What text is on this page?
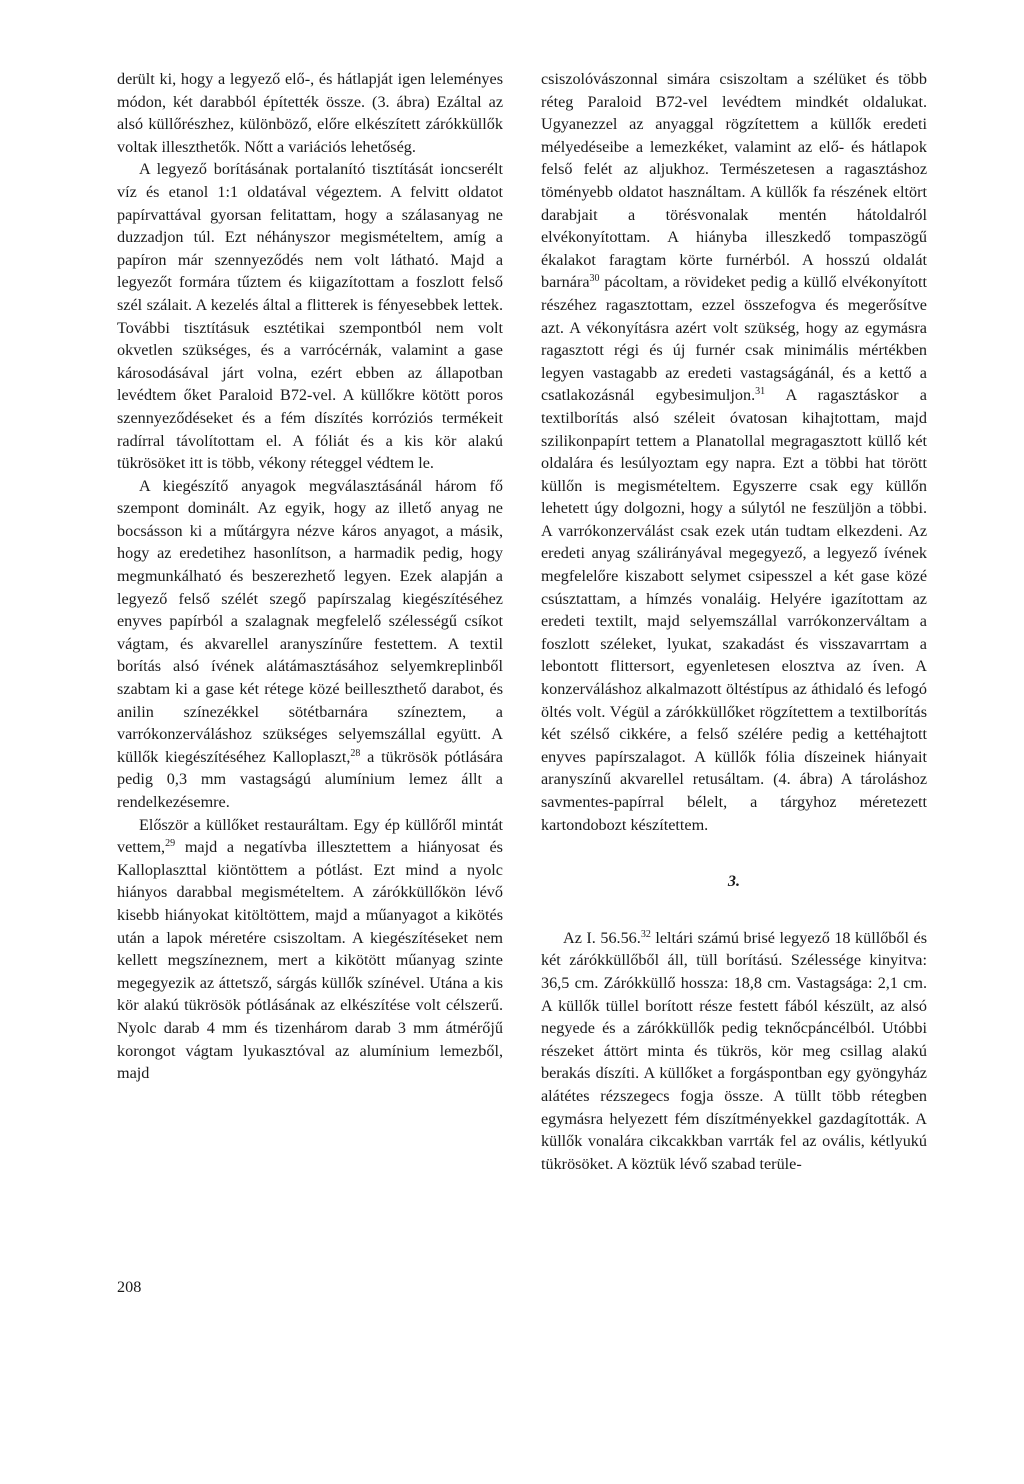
derült ki, hogy a legyező elő-, és hátlapját igen leleményes módon, két darabból építették össze. (3. ábra) Ezáltal az alsó küllőrészhez, különböző, előre elkészített zárókküllők voltak illeszthetők. Nőtt a variációs lehetőség.

A legyező borításának portalanító tisztítását ioncserélt víz és etanol 1:1 oldatával végeztem. A felvitt oldatot papírvattával gyorsan felitattam, hogy a szálasanyag ne duzzadjon túl. Ezt néhányszor megismételtem, amíg a papíron már szennyeződés nem volt látható. Majd a legyezőt formára tűztem és kiigazítottam a foszlott felső szél szálait. A kezelés által a flitterek is fényesebbek lettek. További tisztításuk esztétikai szempontból nem volt okvetlen szükséges, és a varrócérnák, valamint a gase károsodásával járt volna, ezért ebben az állapotban levédtem őket Paraloid B72-vel. A küllőkre kötött poros szennyeződéseket és a fém díszítés korróziós termékeit radírral távolítottam el. A fóliát és a kis kör alakú tükrösöket itt is több, vékony réteggel védtem le.

A kiegészítő anyagok megválasztásánál három fő szempont dominált. Az egyik, hogy az illető anyag ne bocsásson ki a műtárgyra nézve káros anyagot, a másik, hogy az eredetihez hasonlítson, a harmadik pedig, hogy megmunkálható és beszerezhető legyen. Ezek alapján a legyező felső szélét szegő papírszalag kiegészítéséhez enyves papírból a szalagnak megfelelő szélességű csíkot vágtam, és akvarellel aranyszínűre festettem. A textil borítás alsó ívének alátámasztásához selyemkreplinből szabtam ki a gase két rétege közé beilleszthető darabot, és anilin színezékkel sötétbarnára színeztem, a varrókonzerváláshoz szükséges selyemszállal együtt. A küllők kiegészítéséhez Kalloplaszt,$^{28}$ a tükrösök pótlására pedig 0,3 mm vastagságú alumínium lemez állt a rendelkezésemre.

Először a küllőket restauráltam. Egy ép küllőről mintát vettem,$^{29}$ majd a negatívba illesztettem a hiányosat és Kalloplaszttal kiöntöttem a pótlást. Ezt mind a nyolc hiányos darabbal megismételtem. A zárókküllőkön lévő kisebb hiányokat kitöltöttem, majd a műanyagot a kikötés után a lapok méretére csiszoltam. A kiegészítéseket nem kellett megszíneznem, mert a kikötött műanyag szinte megegyezik az áttetsző, sárgás küllők színével. Utána a kis kör alakú tükrösök pótlásának az elkészítése volt célszerű. Nyolc darab 4 mm és tizenhárom darab 3 mm átmérőjű korongot vágtam lyukasztóval az alumínium lemezből, majd

csiszolóvászonnal simára csiszoltam a szélüket és több réteg Paraloid B72-vel levédtem mindkét oldalukat. Ugyanezzel az anyaggal rögzítettem a küllők eredeti mélyedéseibe a lemezkéket, valamint az elő- és hátlapok felső felét az aljukhoz. Természetesen a ragasztáshoz töményebb oldatot használtam. A küllők fa részének eltört darabjait a törésvonalak mentén hátoldalról elvékonyítottam. A hiányba illeszkedő tompaszögű ékalakot faragtam körte furnérból. A hosszú oldalát barnára$^{30}$ pácoltam, a rövideket pedig a küllő elvékonyított részéhez ragasztottam, ezzel összefogva és megerősítve azt. A vékonyításra azért volt szükség, hogy az egymásra ragasztott régi és új furnér csak minimális mértékben legyen vastagabb az eredeti vastagságánál, és a kettő a csatlakozásnál egybesimuljon.$^{31}$ A ragasztáskor a textilborítás alsó széleit óvatosan kihajtottam, majd szilikonpapírt tettem a Planatollal megragasztott küllő két oldalára és lesúlyoztam egy napra. Ezt a többi hat törött küllőn is megismételtem. Egyszerre csak egy küllőn lehetett úgy dolgozni, hogy a súlytól ne feszüljön a többi. A varrókonzerválást csak ezek után tudtam elkezdeni. Az eredeti anyag szálirányával megegyező, a legyező ívének megfelelőre kiszabott selymet csipesszel a két gase közé csúsztattam, a hímzés vonaláig. Helyére igazítottam az eredeti textilt, majd selyemszállal varrókonzerváltam a foszlott széleket, lyukat, szakadást és visszavarrtam a lebontott flittersort, egyenletesen elosztva az íven. A konzerváláshoz alkalmazott öltéstípus az áthidaló és lefogó öltés volt. Végül a zárókküllőket rögzítettem a textilborítás két szélső cikkére, a felső szélére pedig a kettéhajtott enyves papírszalagot. A küllők fólia díszeinek hiányait aranyszínű akvarellel retusáltam. (4. ábra) A tároláshoz savmentes-papírral bélelt, a tárgyhoz méretezett kartondobozt készítettem.

3.

Az I. 56.56.32 leltári számú brisé legyező 18 küllőből és két zárókküllőből áll, tüll borítású. Szélessége kinyitva: 36,5 cm. Zárókküllő hossza: 18,8 cm. Vastagsága: 2,1 cm. A küllők tüllel borított része festett fából készült, az alsó negyede és a zárókküllők pedig teknőcpáncélból. Utóbbi részeket áttört minta és tükrös, kör meg csillag alakú berakás díszíti. A küllőket a forgáspontban egy gyöngyház alátétes rézszegecs fogja össze. A tüllt több rétegben egymásra helyezett fém díszítményekkel gazdagították. A küllők vonalára cikcakkban varrták fel az ovális, kétlyukú tükrösöket. A köztük lévő szabad terüle-

208
